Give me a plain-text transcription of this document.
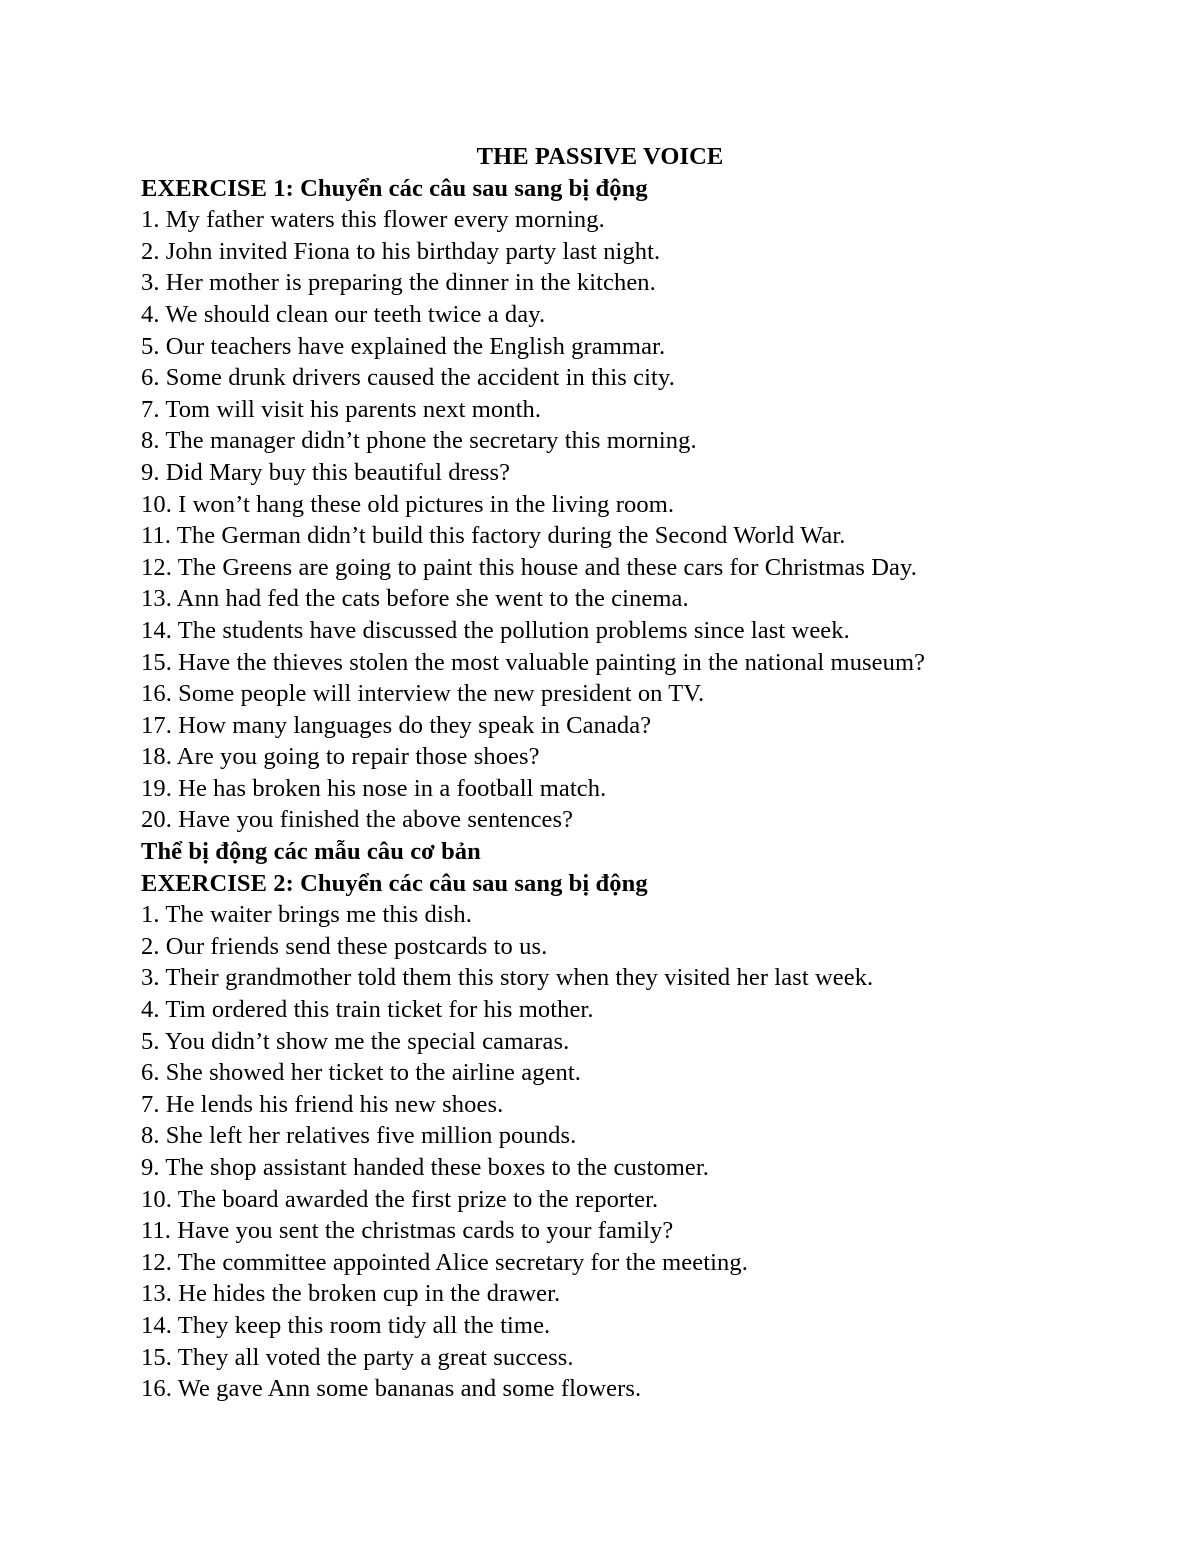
THE PASSIVE VOICE
EXERCISE 1: Chuyển các câu sau sang bị động
1. My father waters this flower every morning.
2. John invited Fiona to his birthday party last night.
3. Her mother is preparing the dinner in the kitchen.
4. We should clean our teeth twice a day.
5. Our teachers have explained the English grammar.
6. Some drunk drivers caused the accident in this city.
7. Tom will visit his parents next month.
8. The manager didn’t phone the secretary this morning.
9. Did Mary buy this beautiful dress?
10. I won’t hang these old pictures in the living room.
11. The German didn’t build this factory during the Second World War.
12. The Greens are going to paint this house and these cars for Christmas Day.
13. Ann had fed the cats before she went to the cinema.
14. The students have discussed the pollution problems since last week.
15. Have the thieves stolen the most valuable painting in the national museum?
16. Some people will interview the new president on TV.
17. How many languages do they speak in Canada?
18. Are you going to repair those shoes?
19. He has broken his nose in a football match.
20. Have you finished the above sentences?
Thể bị động các mẫu câu cơ bản
EXERCISE 2: Chuyển các câu sau sang bị động
1. The waiter brings me this dish.
2. Our friends send these postcards to us.
3. Their grandmother told them this story when they visited her last week.
4. Tim ordered this train ticket for his mother.
5. You didn’t show me the special camaras.
6. She showed her ticket to the airline agent.
7. He lends his friend his new shoes.
8. She left her relatives five million pounds.
9. The shop assistant handed these boxes to the customer.
10. The board awarded the first prize to the reporter.
11. Have you sent the christmas cards to your family?
12. The committee appointed Alice secretary for the meeting.
13. He hides the broken cup in the drawer.
14. They keep this room tidy all the time.
15. They all voted the party a great success.
16. We gave Ann some bananas and some flowers.
